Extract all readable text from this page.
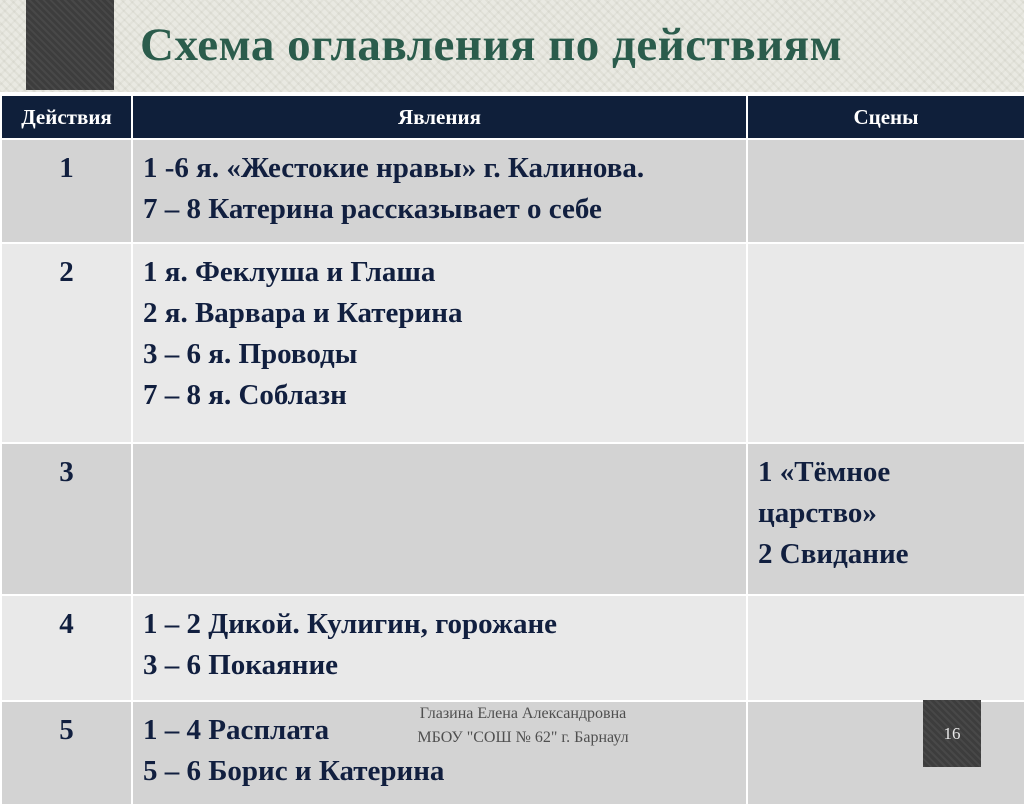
Схема оглавления по действиям
Действия	Явления	Сцены
1	1 -6 я. «Жестокие нравы» г. Калинова.
7 – 8 Катерина рассказывает о себе	

2	1 я. Феклуша и Глаша
2 я. Варвара и Катерина
3 – 6 я. Проводы
7 – 8 я. Соблазн	

3		1 «Тёмное
царство»
2 Свидание

4	1 – 2 Дикой. Кулигин, горожане
3 – 6 Покаяние	

5	1 – 4 Расплата
5 – 6 Борис и Катерина	

Глазина Елена Александровна
МБОУ "СОШ № 62" г. Барнаул	16
